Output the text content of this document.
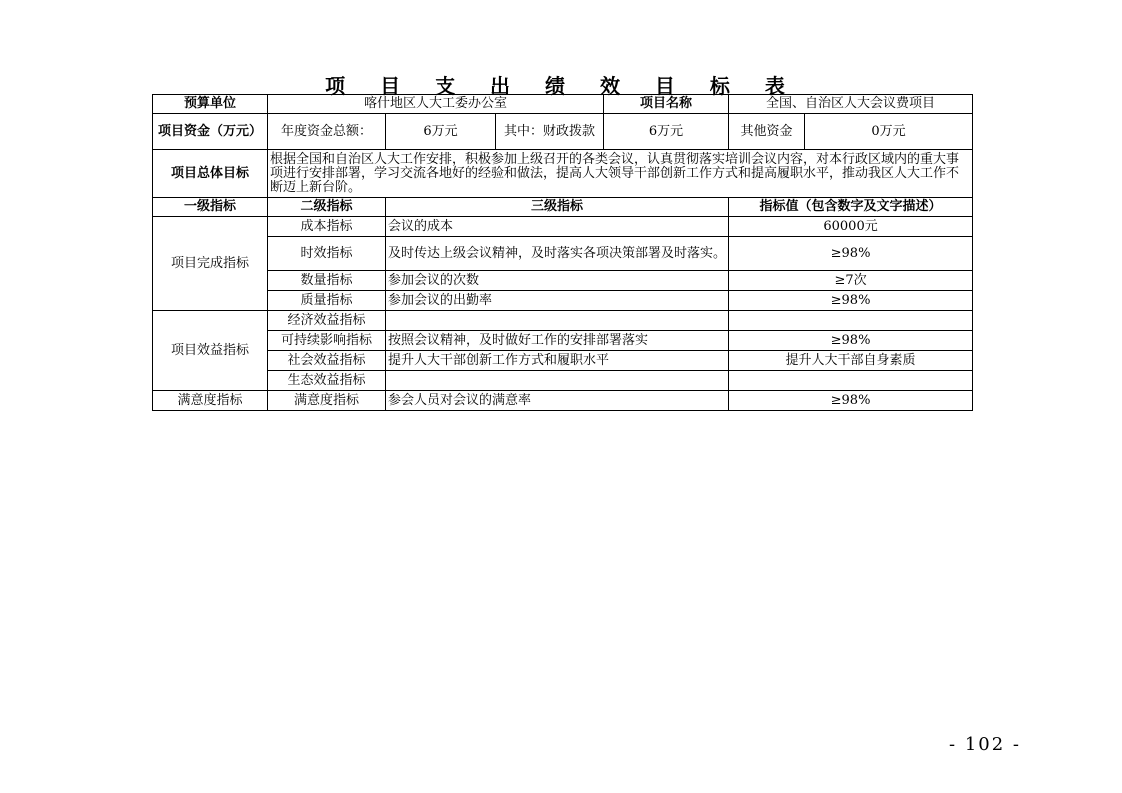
项 目 支 出 绩 效 目 标 表
预算单位	喀什地区人大工委办公室			项目名称	全国、自治区人大会议费项目	
项目资金（万元）	年度资金总额：	6万元	其中：财政拨款	6万元	其他资金	0万元
项目总体目标	根据全国和自治区人大工作安排，积极参加上级召开的各类会议，认真贯彻落实培训会议内容，对本行政区域内的重大事项进行安排部署，学习交流各地好的经验和做法，提高人大领导干部创新工作方式和提高履职水平，推动我区人大工作不断迈上新台阶。					
一级指标	二级指标	三级指标			指标值（包含数字及文字描述）	
项目完成指标	成本指标	会议的成本			60000元	
	时效指标	及时传达上级会议精神，及时落实各项决策部署及时落实。			≥98%	
	数量指标	参加会议的次数			≥7次	
	质量指标	参加会议的出勤率			≥98%	
项目效益指标	经济效益指标					
	可持续影响指标	按照会议精神，及时做好工作的安排部署落实			≥98%	
	社会效益指标	提升人大干部创新工作方式和履职水平			提升人大干部自身素质	
	生态效益指标					
满意度指标	满意度指标	参会人员对会议的满意率			≥98%	
- 102 -
